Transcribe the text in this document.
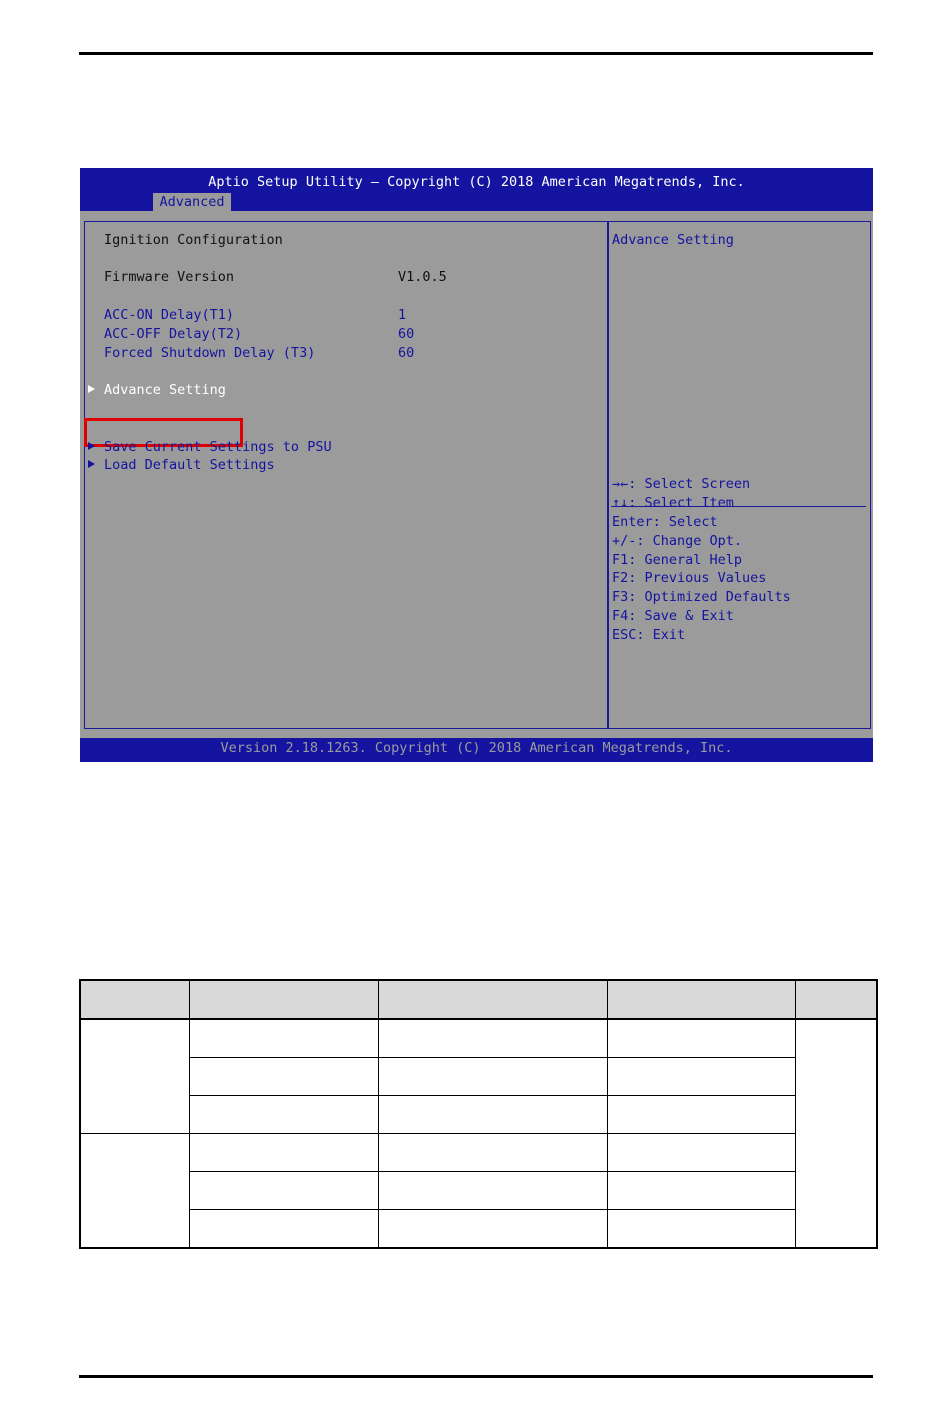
Aptio Setup Utility – Copyright (C) 2018 American Megatrends, Inc.
Advanced
Ignition Configuration
Firmware Version	V1.0.5
ACC-ON Delay(T1)	1
ACC-OFF Delay(T2)	60
Forced Shutdown Delay (T3)	60
Advance Setting
Save Current Settings to PSU
Load Default Settings
Advance Setting
→←: Select Screen
↑↓: Select Item
Enter: Select
+/-: Change Opt.
F1: General Help
F2: Previous Values
F3: Optimized Defaults
F4: Save & Exit
ESC: Exit
Version 2.18.1263. Copyright (C) 2018 American Megatrends, Inc.
